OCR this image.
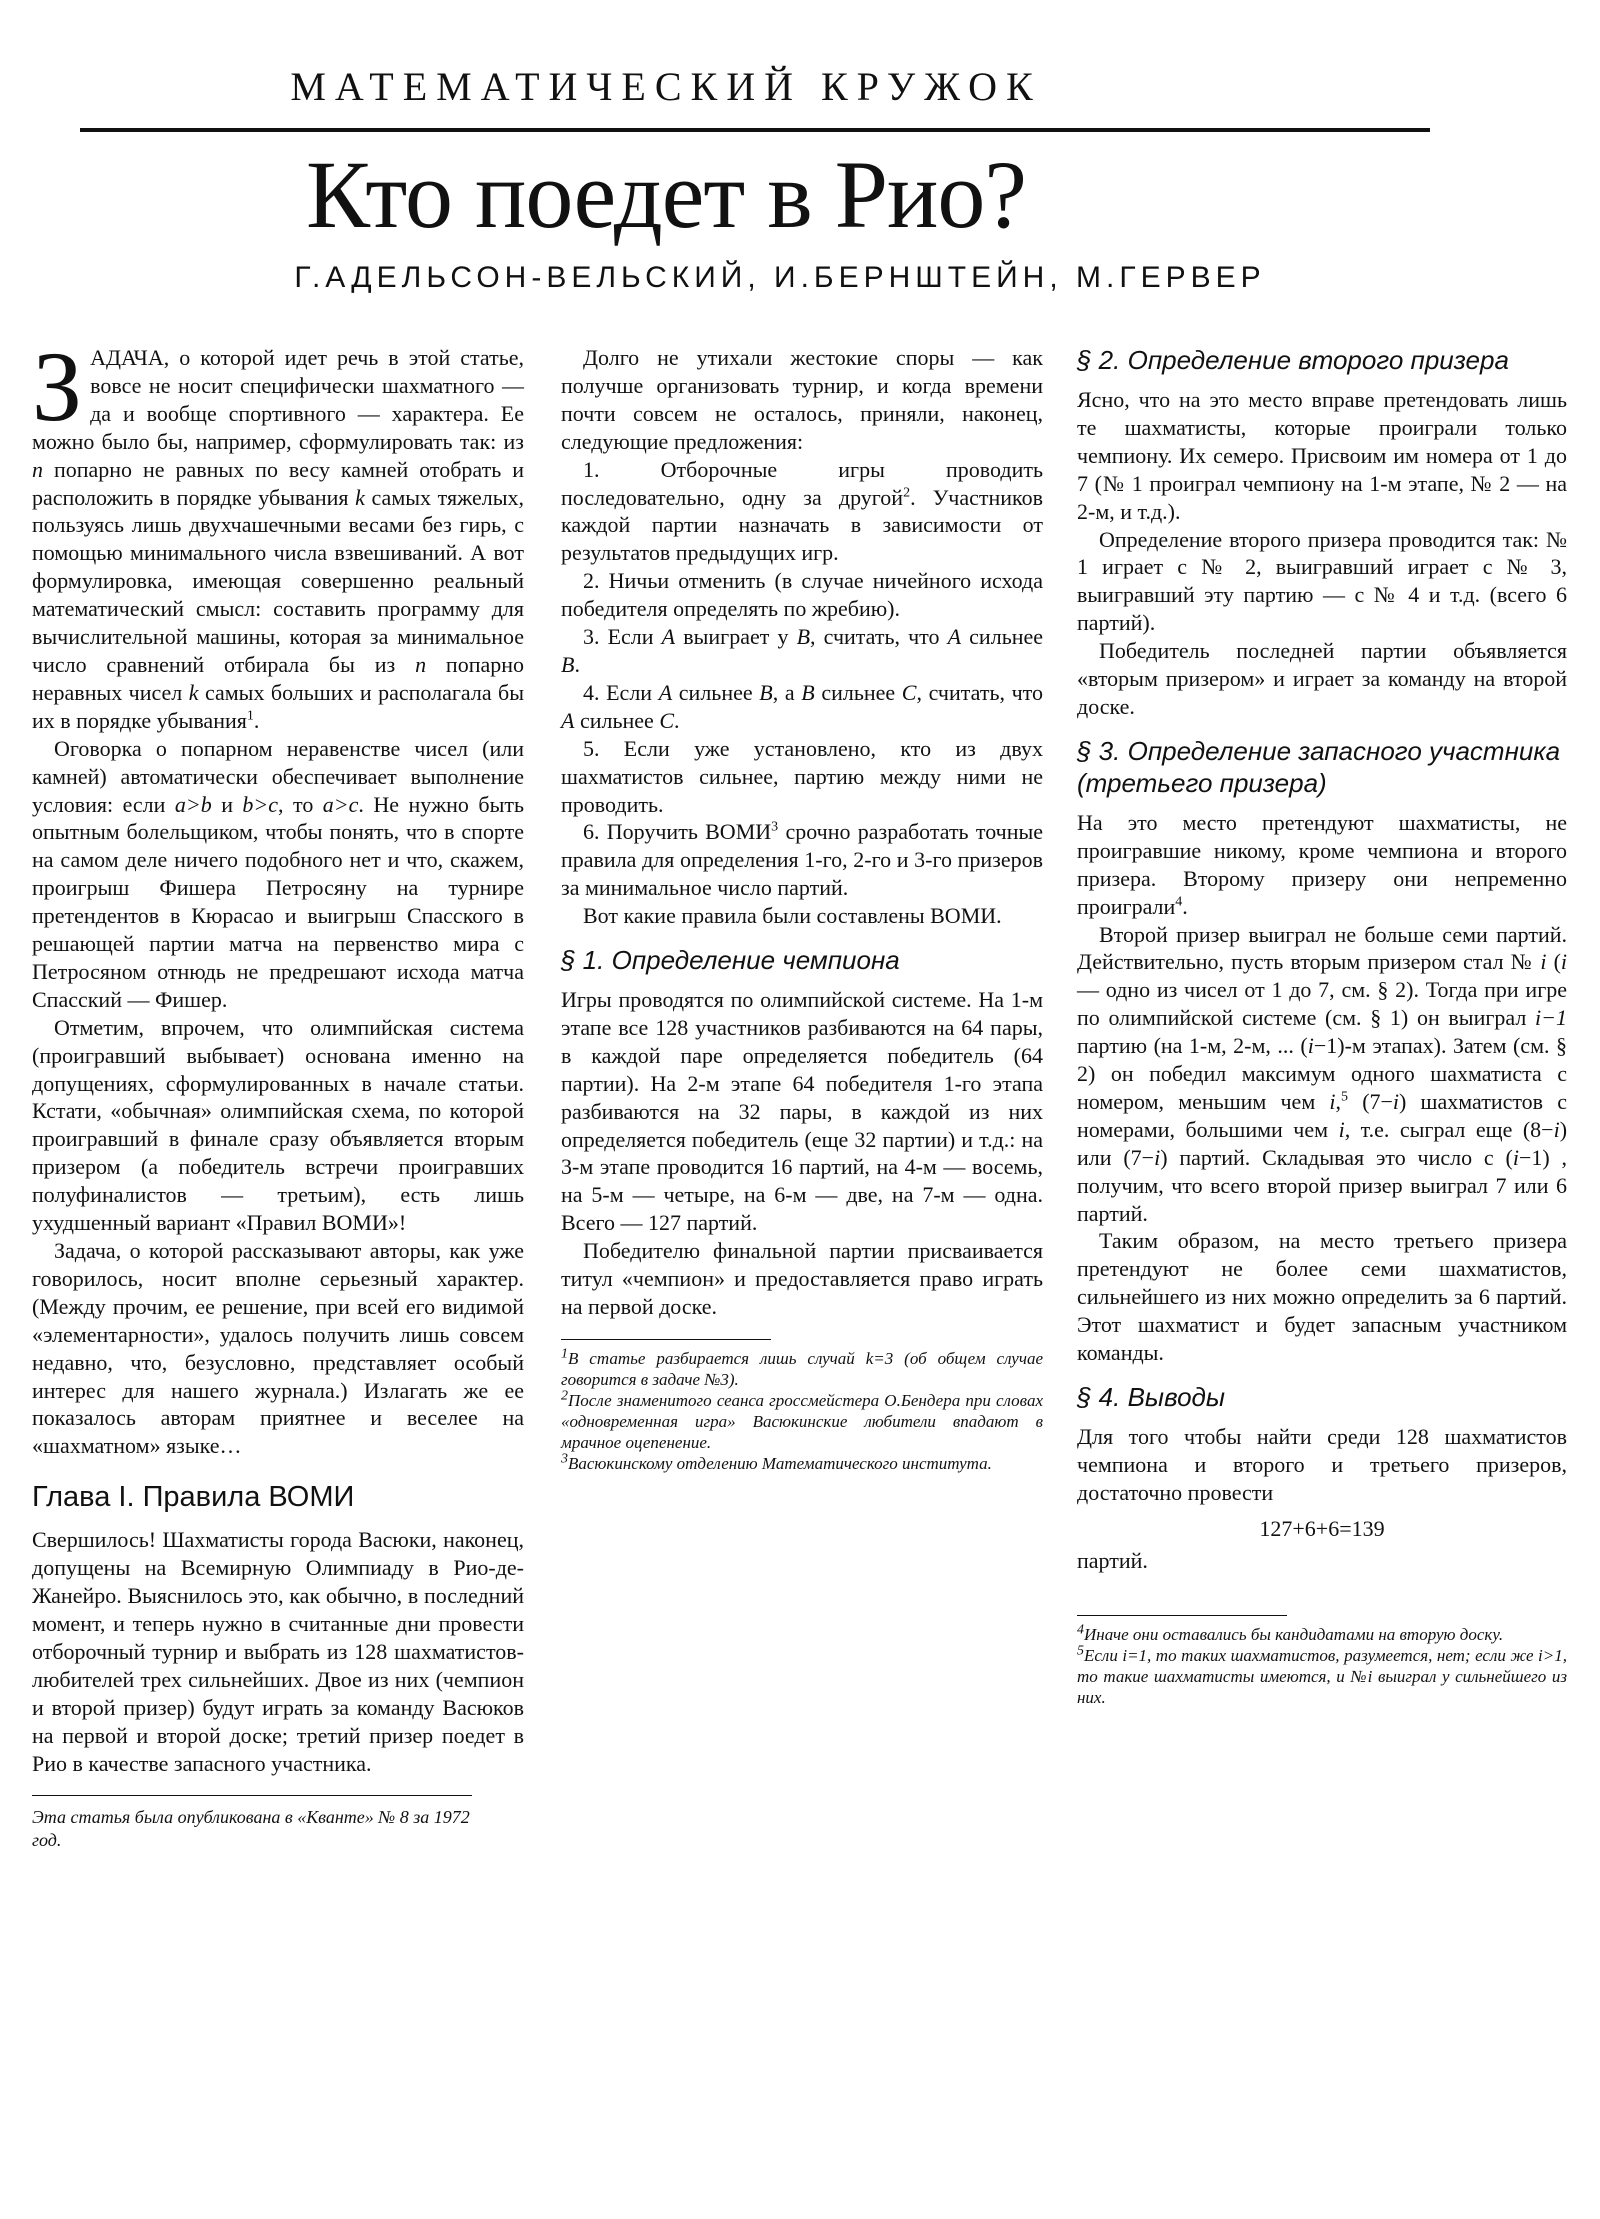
МАТЕМАТИЧЕСКИЙ КРУЖОК
Кто поедет в Рио?
Г.АДЕЛЬСОН-ВЕЛЬСКИЙ, И.БЕРНШТЕЙН, М.ГЕРВЕР

ЗАДАЧА, о которой идет речь в этой статье, вовсе не носит специфически шахматного — да и вообще спортивного — характера. Ее можно было бы, например, сформулировать так: из n попарно не равных по весу камней отобрать и расположить в порядке убывания k самых тяжелых, пользуясь лишь двухчашечными весами без гирь, с помощью минимального числа взвешиваний. А вот формулировка, имеющая совершенно реальный математический смысл: составить программу для вычислительной машины, которая за минимальное число сравнений отбирала бы из n попарно неравных чисел k самых больших и располагала бы их в порядке убывания$^1$.

Оговорка о попарном неравенстве чисел (или камней) автоматически обеспечивает выполнение условия: если a>b и b>c, то a>c. Не нужно быть опытным болельщиком, чтобы понять, что в спорте на самом деле ничего подобного нет и что, скажем, проигрыш Фишера Петросяну на турнире претендентов в Кюрасао и выигрыш Спасского в решающей партии матча на первенство мира с Петросяном отнюдь не предрешают исхода матча Спасский — Фишер.

Отметим, впрочем, что олимпийская система (проигравший выбывает) основана именно на допущениях, сформулированных в начале статьи. Кстати, «обычная» олимпийская схема, по которой проигравший в финале сразу объявляется вторым призером (а победитель встречи проигравших полуфиналистов — третьим), есть лишь ухудшенный вариант «Правил ВОМИ»!

Задача, о которой рассказывают авторы, как уже говорилось, носит вполне серьезный характер. (Между прочим, ее решение, при всей его видимой «элементарности», удалось получить лишь совсем недавно, что, безусловно, представляет особый интерес для нашего журнала.) Излагать же ее показалось авторам приятнее и веселее на «шахматном» языке…

Глава I. Правила ВОМИ

Свершилось! Шахматисты города Васюки, наконец, допущены на Всемирную Олимпиаду в Рио-де-Жанейро. Выяснилось это, как обычно, в последний момент, и теперь нужно в считанные дни провести отборочный турнир и выбрать из 128 шахматистов-любителей трех сильнейших. Двое из них (чемпион и второй призер) будут играть за команду Васюков на первой и второй доске; третий призер поедет в Рио в качестве запасного участника.

Эта статья была опубликована в «Кванте» № 8 за 1972 год.

Долго не утихали жестокие споры — как получше организовать турнир, и когда времени почти совсем не осталось, приняли, наконец, следующие предложения:

1. Отборочные игры проводить последовательно, одну за другой$^2$. Участников каждой партии назначать в зависимости от результатов предыдущих игр.

2. Ничьи отменить (в случае ничейного исхода победителя определять по жребию).

3. Если A выиграет у B, считать, что A сильнее B.

4. Если A сильнее B, а B сильнее C, считать, что A сильнее C.

5. Если уже установлено, кто из двух шахматистов сильнее, партию между ними не проводить.

6. Поручить ВОМИ$^3$ срочно разработать точные правила для определения 1-го, 2-го и 3-го призеров за минимальное число партий.

Вот какие правила были составлены ВОМИ.

§ 1. Определение чемпиона

Игры проводятся по олимпийской системе. На 1-м этапе все 128 участников разбиваются на 64 пары, в каждой паре определяется победитель (64 партии). На 2-м этапе 64 победителя 1-го этапа разбиваются на 32 пары, в каждой из них определяется победитель (еще 32 партии) и т.д.: на 3-м этапе проводится 16 партий, на 4-м — восемь, на 5-м — четыре, на 6-м — две, на 7-м — одна. Всего — 127 партий.

Победителю финальной партии присваивается титул «чемпион» и предоставляется право играть на первой доске.

$^1$В статье разбирается лишь случай k=3 (об общем случае говорится в задаче №3).

$^2$После знаменитого сеанса гроссмейстера О.Бендера при словах «одновременная игра» Васюкинские любители впадают в мрачное оцепенение.

$^3$Васюкинскому отделению Математического института.

§ 2. Определение второго призера

Ясно, что на это место вправе претендовать лишь те шахматисты, которые проиграли только чемпиону. Их семеро. Присвоим им номера от 1 до 7 (№ 1 проиграл чемпиону на 1-м этапе, № 2 — на 2-м, и т.д.).

Определение второго призера проводится так: № 1 играет с № 2, выигравший играет с № 3, выигравший эту партию — с № 4 и т.д. (всего 6 партий).

Победитель последней партии объявляется «вторым призером» и играет за команду на второй доске.

§ 3. Определение запасного участника (третьего призера)

На это место претендуют шахматисты, не проигравшие никому, кроме чемпиона и второго призера. Второму призеру они непременно проиграли$^4$.

Второй призер выиграл не больше семи партий. Действительно, пусть вторым призером стал № i (i — одно из чисел от 1 до 7, см. § 2). Тогда при игре по олимпийской системе (см. § 1) он выиграл i−1 партию (на 1-м, 2-м, ... (i−1)-м этапах). Затем (см. § 2) он победил максимум одного шахматиста с номером, меньшим чем i,$^5$ (7−i) шахматистов с номерами, большими чем i, т.е. сыграл еще (8−i) или (7−i) партий. Складывая это число с (i−1) , получим, что всего второй призер выиграл 7 или 6 партий.

Таким образом, на место третьего призера претендуют не более семи шахматистов, сильнейшего из них можно определить за 6 партий. Этот шахматист и будет запасным участником команды.

§ 4. Выводы

Для того чтобы найти среди 128 шахматистов чемпиона и второго и третьего призеров, достаточно провести

127+6+6=139

партий.

$^4$Иначе они оставались бы кандидатами на вторую доску.

$^5$Если i=1, то таких шахматистов, разумеется, нет; если же i>1, то такие шахматисты имеются, и №i выиграл у сильнейшего из них.
